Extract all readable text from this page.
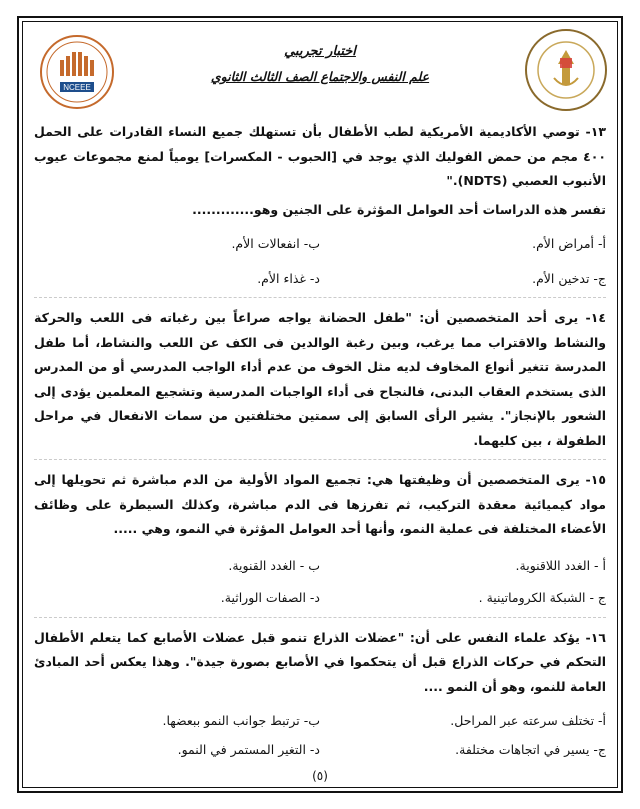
NCEEE
اختبار تجريبي
علم النفس والاجتماع الصف الثالث الثانوي

١٣- توصي الأكاديمية الأمريكية لطب الأطفال بأن تستهلك جميع النساء القادرات على الحمل ٤٠٠ مجم من حمض الفوليك الذي يوجد في [الحبوب - المكسرات] يومياً لمنع مجموعات عيوب الأنبوب العصبي (NDTS)."

تفسر هذه الدراسات أحد العوامل المؤثرة على الجنين وهو.............

أ- أمراض الأم.
ب- انفعالات الأم.
ج- تدخين الأم.
د- غذاء الأم.

١٤- يرى أحد المتخصصين أن: "طفل الحضانة يواجه صراعاً بين رغباته فى اللعب والحركة والنشاط والاقتراب مما يرغب، وبين رغبة الوالدين فى الكف عن اللعب والنشاط، أما طفل المدرسة تتغير أنواع المخاوف لديه مثل الخوف من عدم أداء الواجب المدرسي أو من المدرس الذى يستخدم العقاب البدنى، فالنجاح فى أداء الواجبات المدرسية وتشجيع المعلمين يؤدى إلى الشعور بالإنجاز". يشير الرأى السابق إلى سمتين مختلفتين من سمات الانفعال في مراحل الطفولة ، بين كليهما.

١٥- يرى المتخصصين أن وظيفتها هي: تجميع المواد الأولية من الدم مباشرة ثم تحويلها إلى مواد كيميائية معقدة التركيب، ثم تفرزها فى الدم مباشرة، وكذلك السيطرة على وظائف الأعضاء المختلفة فى عملية النمو، وأنها أحد العوامل المؤثرة في النمو، وهي .....

أ - الغدد اللاقنوية.
ب - الغدد القنوية.
ج - الشبكة الكروماتينية .
د- الصفات الوراثية.

١٦- يؤكد علماء النفس على أن: "عضلات الذراع تنمو قبل عضلات الأصابع كما يتعلم الأطفال التحكم في حركات الذراع قبل أن يتحكموا في الأصابع بصورة جيدة". وهذا يعكس أحد المبادئ العامة للنمو، وهو أن النمو ....

أ- تختلف سرعته عبر المراحل.
ب- ترتبط جوانب النمو ببعضها.
ج- يسير في اتجاهات مختلفة.
د- التغير المستمر في النمو.
(٥)
